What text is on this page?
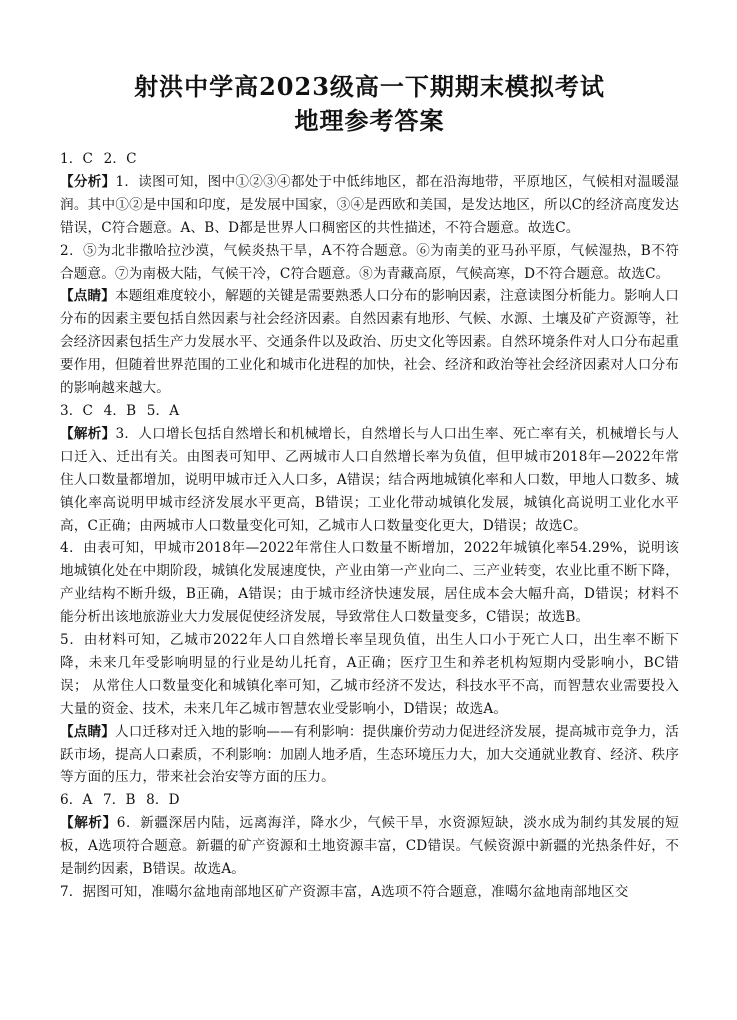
射洪中学高2023级高一下期期末模拟考试
地理参考答案

1．C 2．C

【分析】1．读图可知，图中①②③④都处于中低纬地区，都在沿海地带，平原地区，气候相对温暖湿润。其中①②是中国和印度，是发展中国家，③④是西欧和美国，是发达地区，所以C的经济高度发达错误，C符合题意。A、B、D都是世界人口稠密区的共性描述，不符合题意。故选C。

2．⑤为北非撒哈拉沙漠，气候炎热干旱，A不符合题意。⑥为南美的亚马孙平原，气候湿热，B不符合题意。⑦为南极大陆，气候干冷，C符合题意。⑧为青藏高原，气候高寒，D不符合题意。故选C。

【点睛】本题组难度较小，解题的关键是需要熟悉人口分布的影响因素，注意读图分析能力。影响人口分布的因素主要包括自然因素与社会经济因素。自然因素有地形、气候、水源、土壤及矿产资源等，社会经济因素包括生产力发展水平、交通条件以及政治、历史文化等因素。自然环境条件对人口分布起重要作用，但随着世界范围的工业化和城市化进程的加快，社会、经济和政治等社会经济因素对人口分布的影响越来越大。

3．C 4．B 5．A

【解析】3．人口增长包括自然增长和机械增长，自然增长与人口出生率、死亡率有关，机械增长与人口迁入、迁出有关。由图表可知甲、乙两城市人口自然增长率为负值，但甲城市2018年—2022年常住人口数量都增加，说明甲城市迁入人口多，A错误；结合两地城镇化率和人口数，甲地人口数多、城镇化率高说明甲城市经济发展水平更高，B错误；工业化带动城镇化发展，城镇化高说明工业化水平高，C正确；由两城市人口数量变化可知，乙城市人口数量变化更大，D错误；故选C。

4．由表可知，甲城市2018年—2022年常住人口数量不断增加，2022年城镇化率54.29%，说明该地城镇化处在中期阶段，城镇化发展速度快，产业由第一产业向二、三产业转变，农业比重不断下降，产业结构不断升级，B正确，A错误；由于城市经济快速发展，居住成本会大幅升高，D错误；材料不能分析出该地旅游业大力发展促使经济发展，导致常住人口数量变多，C错误；故选B。

5．由材料可知，乙城市2022年人口自然增长率呈现负值，出生人口小于死亡人口，出生率不断下降，未来几年受影响明显的行业是幼儿托育，A正确；医疗卫生和养老机构短期内受影响小，BC错误； 从常住人口数量变化和城镇化率可知，乙城市经济不发达，科技水平不高，而智慧农业需要投入大量的资金、技术，未来几年乙城市智慧农业受影响小，D错误；故选A。

【点睛】人口迁移对迁入地的影响——有利影响：提供廉价劳动力促进经济发展，提高城市竞争力，活跃市场，提高人口素质，不利影响：加剧人地矛盾，生态环境压力大，加大交通就业教育、经济、秩序等方面的压力，带来社会治安等方面的压力。

6．A 7．B 8．D

【解析】6．新疆深居内陆，远离海洋，降水少，气候干旱，水资源短缺，淡水成为制约其发展的短板，A选项符合题意。新疆的矿产资源和土地资源丰富，CD错误。气候资源中新疆的光热条件好，不是制约因素，B错误。故选A。

7．据图可知，准噶尔盆地南部地区矿产资源丰富，A选项不符合题意，准噶尔盆地南部地区交
